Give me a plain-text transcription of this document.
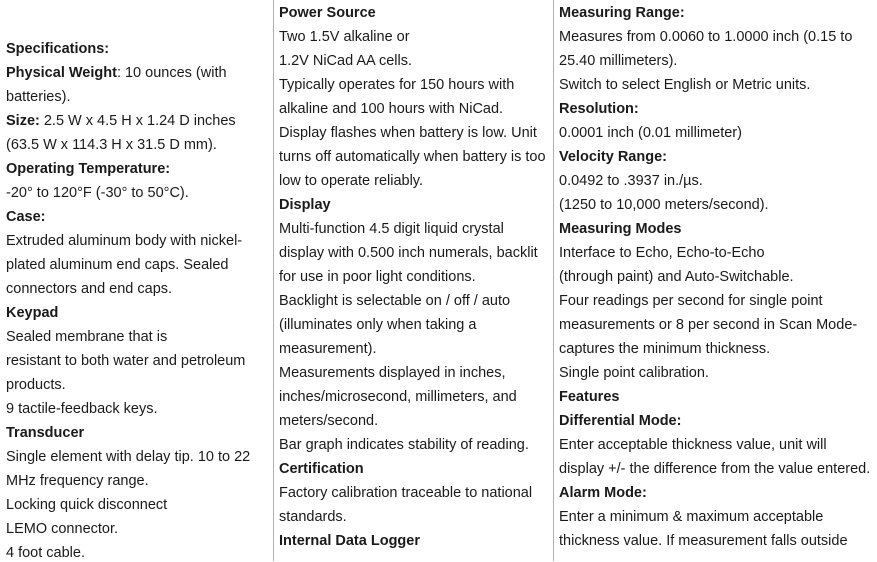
Specifications:
Physical Weight: 10 ounces (with
batteries).
Size: 2.5 W x 4.5 H x 1.24 D inches
(63.5 W x 114.3 H x 31.5 D mm).
Operating Temperature:
-20° to 120°F (-30° to 50°C).
Case:
Extruded aluminum body with nickel-
plated aluminum end caps. Sealed
connectors and end caps.
Keypad
Sealed membrane that is
resistant to both water and petroleum
products.
9 tactile-feedback keys.
Transducer
Single element with delay tip. 10 to 22
MHz frequency range.
Locking quick disconnect
LEMO connector.
4 foot cable.
Power Source
Two 1.5V alkaline or
1.2V NiCad AA cells.
Typically operates for 150 hours with
alkaline and 100 hours with NiCad.
Display flashes when battery is low. Unit
turns off automatically when battery is too
low to operate reliably.
Display
Multi-function 4.5 digit liquid crystal
display with 0.500 inch numerals, backlit
for use in poor light conditions.
Backlight is selectable on / off / auto
(illuminates only when taking a
measurement).
Measurements displayed in inches,
inches/microsecond, millimeters, and
meters/second.
Bar graph indicates stability of reading.
Certification
Factory calibration traceable to national
standards.
Internal Data Logger
Measuring Range:
Measures from 0.0060 to 1.0000 inch (0.15 to
25.40 millimeters).
Switch to select English or Metric units.
Resolution:
0.0001 inch (0.01 millimeter)
Velocity Range:
0.0492 to .3937 in./µs.
(1250 to 10,000 meters/second).
Measuring Modes
Interface to Echo, Echo-to-Echo
(through paint) and Auto-Switchable.
Four readings per second for single point
measurements or 8 per second in Scan Mode-
captures the minimum thickness.
Single point calibration.
Features
Differential Mode:
Enter acceptable thickness value, unit will
display +/- the difference from the value entered.
Alarm Mode:
Enter a minimum & maximum acceptable
thickness value. If measurement falls outside
